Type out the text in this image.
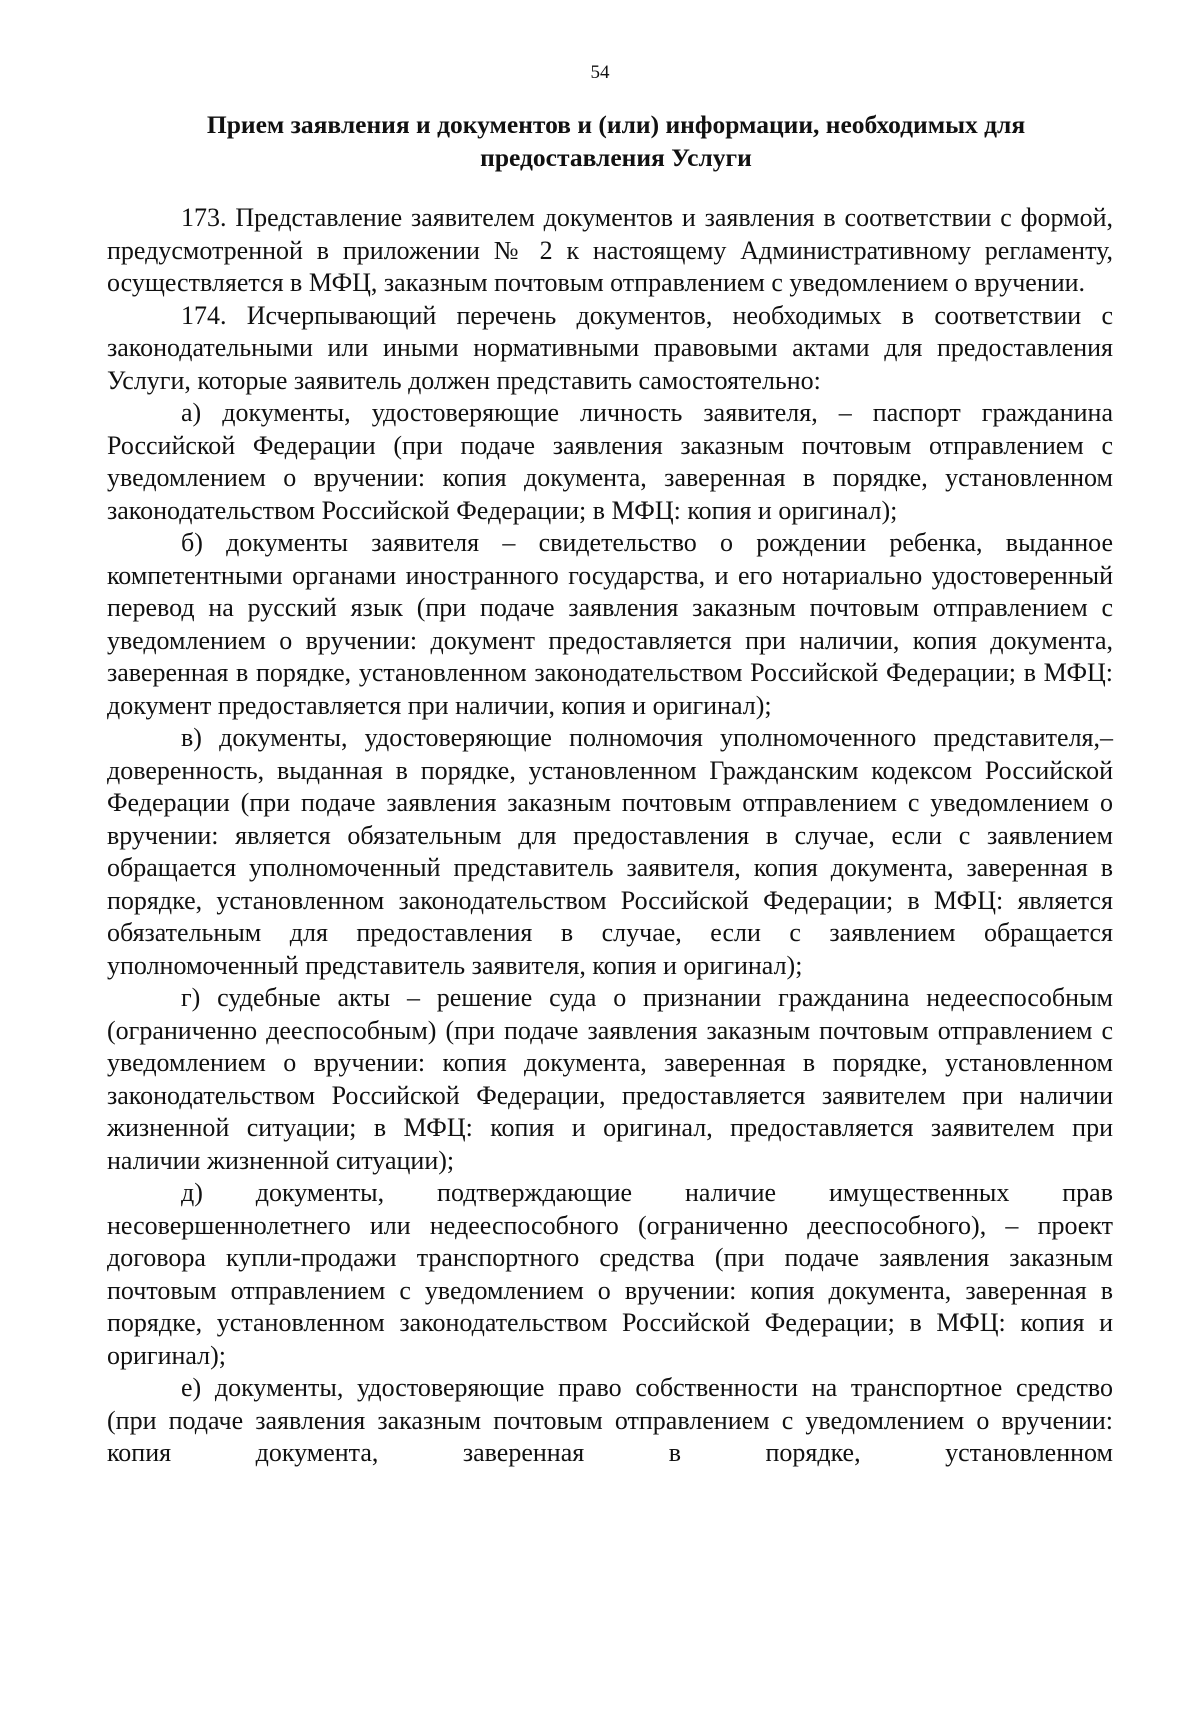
54
Прием заявления и документов и (или) информации, необходимых для
предоставления Услуги

173. Представление заявителем документов и заявления в соответствии с формой, предусмотренной в приложении № 2 к настоящему Административному регламенту, осуществляется в МФЦ, заказным почтовым отправлением с уведомлением о вручении.

174. Исчерпывающий перечень документов, необходимых в соответствии с законодательными или иными нормативными правовыми актами для предоставления Услуги, которые заявитель должен представить самостоятельно:

а) документы, удостоверяющие личность заявителя, – паспорт гражданина Российской Федерации (при подаче заявления заказным почтовым отправлением с уведомлением о вручении: копия документа, заверенная в порядке, установленном законодательством Российской Федерации; в МФЦ: копия и оригинал);

б) документы заявителя – свидетельство о рождении ребенка, выданное компетентными органами иностранного государства, и его нотариально удостоверенный перевод на русский язык (при подаче заявления заказным почтовым отправлением с уведомлением о вручении: документ предоставляется при наличии, копия документа, заверенная в порядке, установленном законодательством Российской Федерации; в МФЦ: документ предоставляется при наличии, копия и оригинал);

в) документы, удостоверяющие полномочия уполномоченного представителя,– доверенность, выданная в порядке, установленном Гражданским кодексом Российской Федерации (при подаче заявления заказным почтовым отправлением с уведомлением о вручении: является обязательным для предоставления в случае, если с заявлением обращается уполномоченный представитель заявителя, копия документа, заверенная в порядке, установленном законодательством Российской Федерации; в МФЦ: является обязательным для предоставления в случае, если с заявлением обращается уполномоченный представитель заявителя, копия и оригинал);

г) судебные акты – решение суда о признании гражданина недееспособным (ограниченно дееспособным) (при подаче заявления заказным почтовым отправлением с уведомлением о вручении: копия документа, заверенная в порядке, установленном законодательством Российской Федерации, предоставляется заявителем при наличии жизненной ситуации; в МФЦ: копия и оригинал, предоставляется заявителем при наличии жизненной ситуации);

д) документы, подтверждающие наличие имущественных прав несовершеннолетнего или недееспособного (ограниченно дееспособного), – проект договора купли-продажи транспортного средства (при подаче заявления заказным почтовым отправлением с уведомлением о вручении: копия документа, заверенная в порядке, установленном законодательством Российской Федерации; в МФЦ: копия и оригинал);

е) документы, удостоверяющие право собственности на транспортное средство (при подаче заявления заказным почтовым отправлением с уведомлением о вручении: копия документа, заверенная в порядке, установленном
